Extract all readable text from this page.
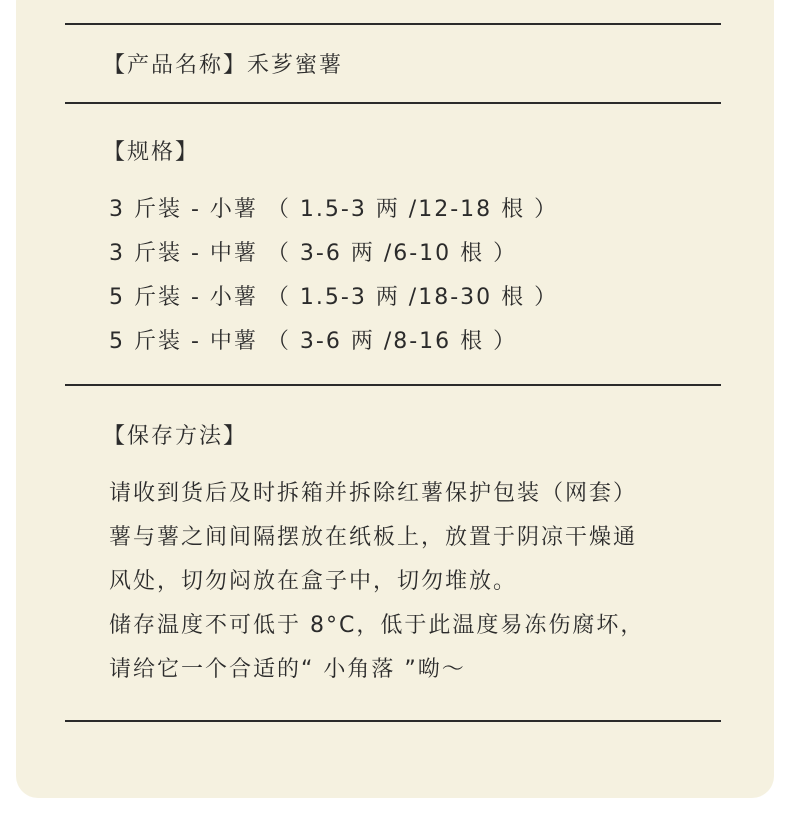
【产品名称】禾芗蜜薯
【规格】
3 斤装 - 小薯 （ 1.5-3 两 /12-18 根 ）
3 斤装 - 中薯 （ 3-6 两 /6-10 根 ）
5 斤装 - 小薯 （ 1.5-3 两 /18-30 根 ）
5 斤装 - 中薯 （ 3-6 两 /8-16 根 ）
【保存方法】
请收到货后及时拆箱并拆除红薯保护包装（网套）
薯与薯之间间隔摆放在纸板上，放置于阴凉干燥通
风处，切勿闷放在盒子中，切勿堆放。
储存温度不可低于 8°C，低于此温度易冻伤腐坏，
请给它一个合适的“ 小角落 ”呦～
